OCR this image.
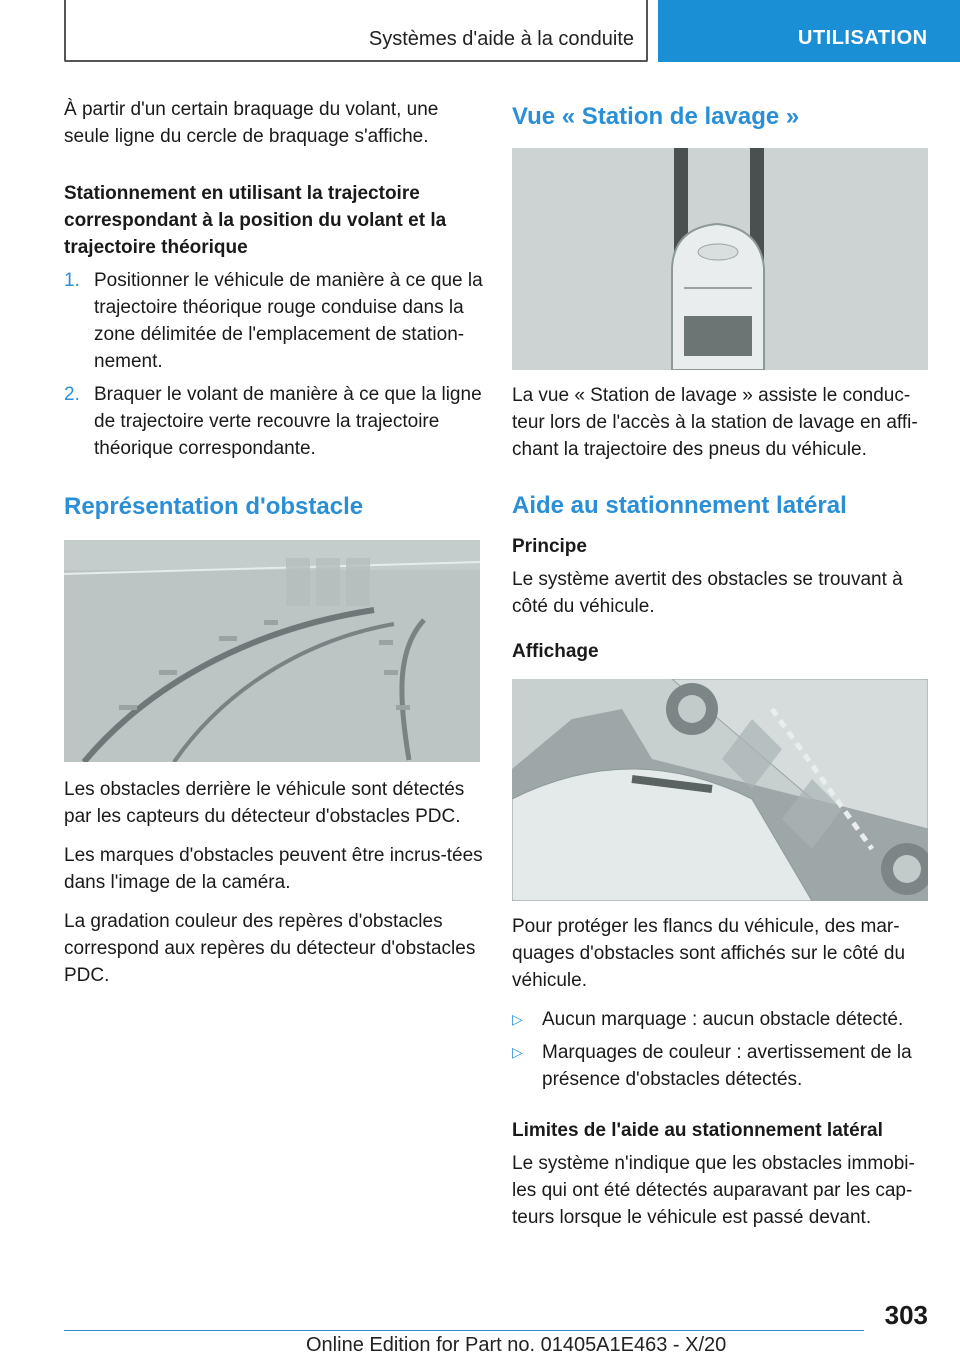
Systèmes d'aide à la conduite	UTILISATION

À partir d'un certain braquage du volant, une seule ligne du cercle de braquage s'affiche.

Stationnement en utilisant la trajectoire correspondant à la position du volant et la trajectoire théorique
1. Positionner le véhicule de manière à ce que la trajectoire théorique rouge conduise dans la zone délimitée de l'emplacement de station‐nement.
2. Braquer le volant de manière à ce que la ligne de trajectoire verte recouvre la trajectoire théorique correspondante.
Représentation d'obstacle

Les obstacles derrière le véhicule sont détectés par les capteurs du détecteur d'obstacles PDC.

Les marques d'obstacles peuvent être incrus‐tées dans l'image de la caméra.

La gradation couleur des repères d'obstacles correspond aux repères du détecteur d'obstacles PDC.

Vue « Station de lavage »

La vue « Station de lavage » assiste le conduc‐teur lors de l'accès à la station de lavage en affi‐chant la trajectoire des pneus du véhicule.

Aide au stationnement latéral
Principe

Le système avertit des obstacles se trouvant à côté du véhicule.

Affichage

Pour protéger les flancs du véhicule, des mar‐quages d'obstacles sont affichés sur le côté du véhicule.

▷ Aucun marquage : aucun obstacle détecté.
▷ Marquages de couleur : avertissement de la présence d'obstacles détectés.
Limites de l'aide au stationnement latéral

Le système n'indique que les obstacles immobi‐les qui ont été détectés auparavant par les cap‐teurs lorsque le véhicule est passé devant.

303
Online Edition for Part no. 01405A1E463 - X/20
